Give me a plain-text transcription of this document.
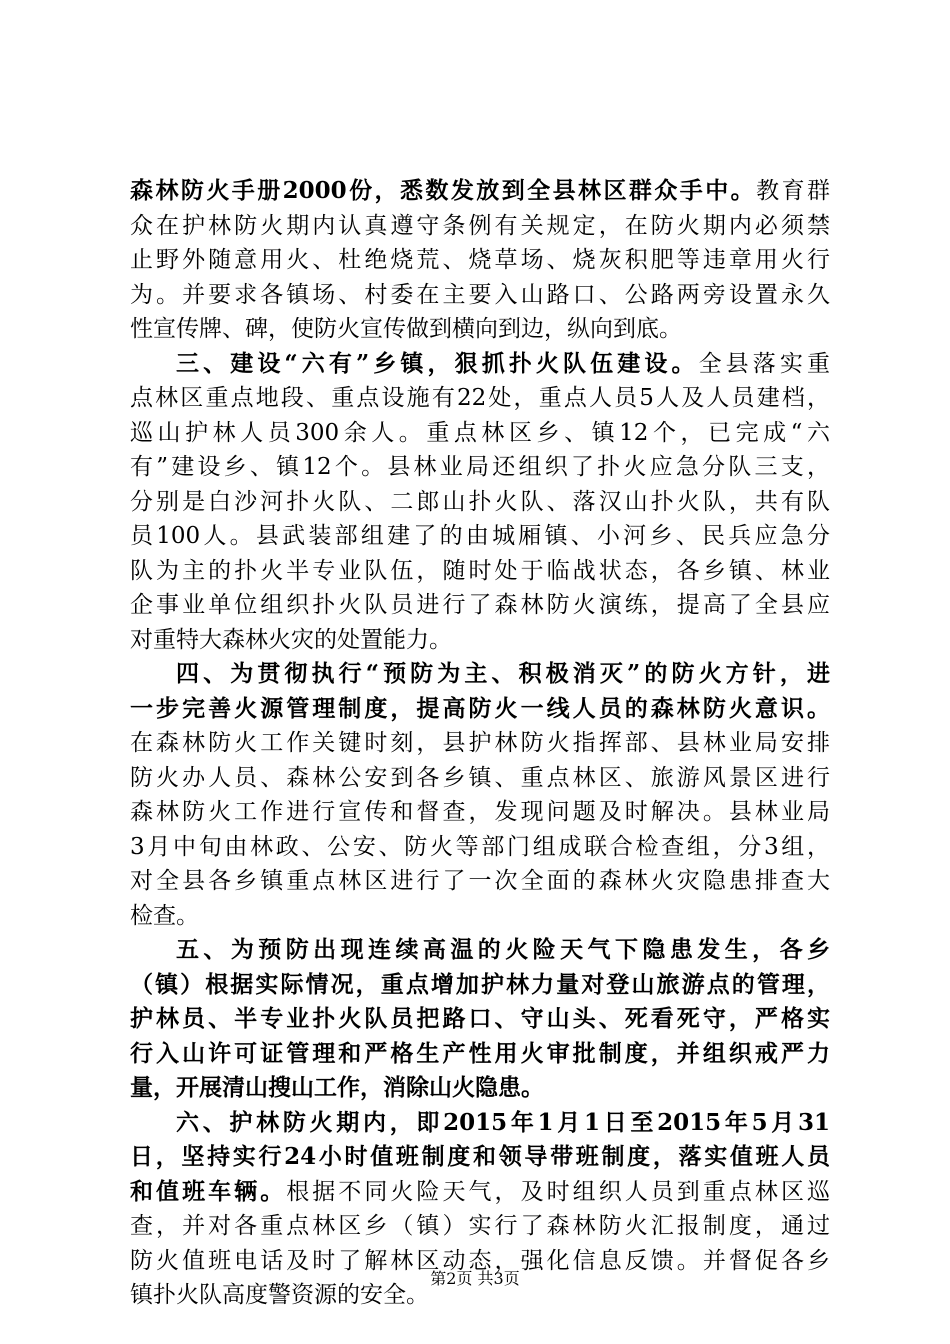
森林防火手册2000份，悉数发放到全县林区群众手中。教育群
众在护林防火期内认真遵守条例有关规定，在防火期内必须禁
止野外随意用火、杜绝烧荒、烧草场、烧灰积肥等违章用火行
为。并要求各镇场、村委在主要入山路口、公路两旁设置永久
性宣传牌、碑，使防火宣传做到横向到边，纵向到底。
三、建设“六有”乡镇，狠抓扑火队伍建设。全县落实重
点林区重点地段、重点设施有22处，重点人员5人及人员建档，
巡山护林人员300余人。重点林区乡、镇12个，已完成“六
有”建设乡、镇12个。县林业局还组织了扑火应急分队三支，
分别是白沙河扑火队、二郎山扑火队、落汉山扑火队，共有队
员100人。县武装部组建了的由城厢镇、小河乡、民兵应急分
队为主的扑火半专业队伍，随时处于临战状态，各乡镇、林业
企事业单位组织扑火队员进行了森林防火演练，提高了全县应
对重特大森林火灾的处置能力。
四、为贯彻执行“预防为主、积极消灭”的防火方针，进
一步完善火源管理制度，提高防火一线人员的森林防火意识。
在森林防火工作关键时刻，县护林防火指挥部、县林业局安排
防火办人员、森林公安到各乡镇、重点林区、旅游风景区进行
森林防火工作进行宣传和督查，发现问题及时解决。县林业局
3月中旬由林政、公安、防火等部门组成联合检查组，分3组，
对全县各乡镇重点林区进行了一次全面的森林火灾隐患排查大
检查。
五、为预防出现连续高温的火险天气下隐患发生，各乡
（镇）根据实际情况，重点增加护林力量对登山旅游点的管理，
护林员、半专业扑火队员把路口、守山头、死看死守，严格实
行入山许可证管理和严格生产性用火审批制度，并组织戒严力
量，开展清山搜山工作，消除山火隐患。
六、护林防火期内，即2015年1月1日至2015年5月31
日，坚持实行24小时值班制度和领导带班制度，落实值班人员
和值班车辆。根据不同火险天气，及时组织人员到重点林区巡
查，并对各重点林区乡（镇）实行了森林防火汇报制度，通过
防火值班电话及时了解林区动态，强化信息反馈。并督促各乡
镇扑火队高度警资源的安全。
第2页 共3页
